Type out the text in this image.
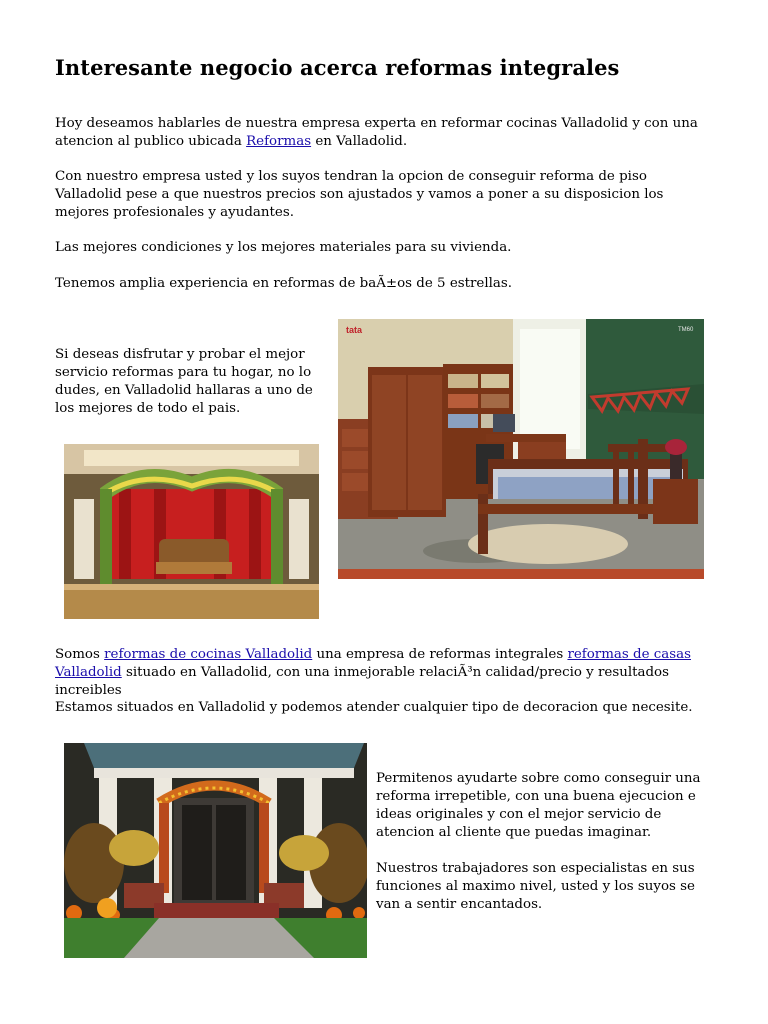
Interesante negocio acerca reformas integrales

Hoy deseamos hablarles de nuestra empresa experta en reformar cocinas Valladolid y con una atencion al publico ubicada Reformas en Valladolid.

Con nuestro empresa usted y los suyos tendran la opcion de conseguir reforma de piso Valladolid pese a que nuestros precios son ajustados y vamos a poner a su disposicion los mejores profesionales y ayudantes.

Las mejores condiciones y los mejores materiales para su vivienda.

Tenemos amplia experiencia en reformas de baÃ±os de 5 estrellas.

Si deseas disfrutar y probar el mejor servicio reformas para tu hogar, no lo dudes, en Valladolid hallaras a uno de los mejores de todo el pais.

tata	TM60

Somos reformas de cocinas Valladolid una empresa de reformas integrales reformas de casas Valladolid situado en Valladolid, con una inmejorable relaciÃ³n calidad/precio y resultados increibles

Estamos situados en Valladolid y podemos atender cualquier tipo de decoracion que necesite.

Permitenos ayudarte sobre como conseguir una reforma irrepetible, con una buena ejecucion e ideas originales y con el mejor servicio de atencion al cliente que puedas imaginar.

Nuestros trabajadores son especialistas en sus funciones al maximo nivel, usted y los suyos se van a sentir encantados.
